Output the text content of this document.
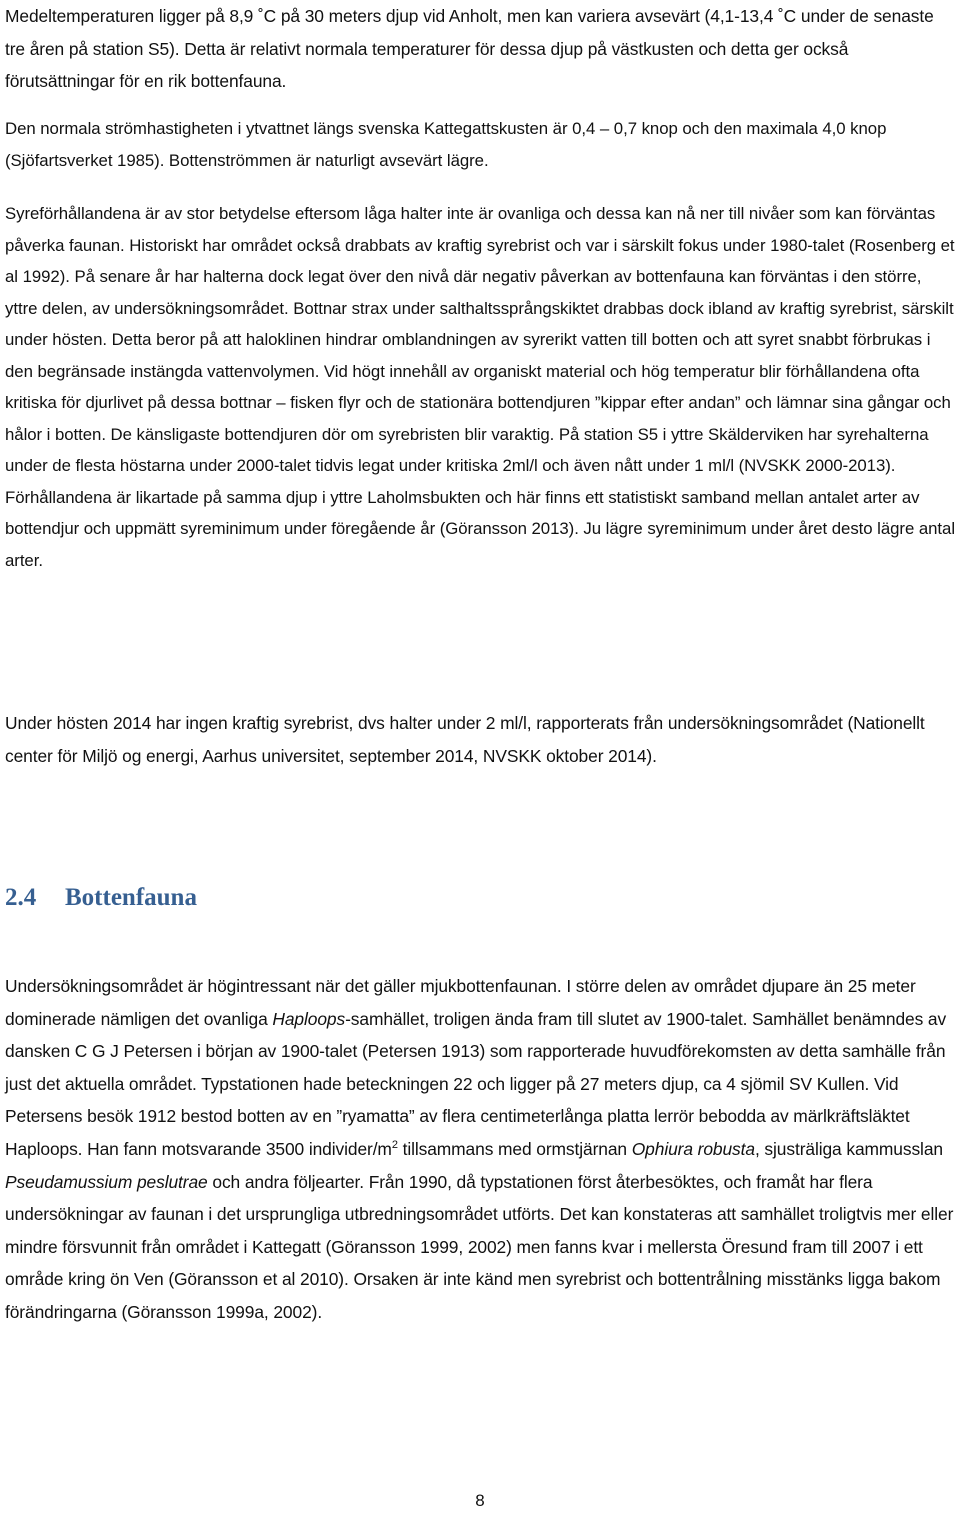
Medeltemperaturen ligger på 8,9 ˚C på 30 meters djup vid Anholt, men kan variera avsevärt (4,1-13,4 ˚C under de senaste tre åren på station S5). Detta är relativt normala temperaturer för dessa djup på västkusten och detta ger också förutsättningar för en rik bottenfauna.

Den normala strömhastigheten i ytvattnet längs svenska Kattegattskusten är 0,4 – 0,7 knop och den maximala 4,0 knop (Sjöfartsverket 1985). Bottenströmmen är naturligt avsevärt lägre.

Syreförhållandena är av stor betydelse eftersom låga halter inte är ovanliga och dessa kan nå ner till nivåer som kan förväntas påverka faunan. Historiskt har området också drabbats av kraftig syrebrist och var i särskilt fokus under 1980-talet (Rosenberg et al 1992). På senare år har halterna dock legat över den nivå där negativ påverkan av bottenfauna kan förväntas i den större, yttre delen, av undersökningsområdet. Bottnar strax under salthaltssprångskiktet drabbas dock ibland av kraftig syrebrist, särskilt under hösten. Detta beror på att haloklinen hindrar omblandningen av syrerikt vatten till botten och att syret snabbt förbrukas i den begränsade instängda vattenvolymen. Vid högt innehåll av organiskt material och hög temperatur blir förhållandena ofta kritiska för djurlivet på dessa bottnar – fisken flyr och de stationära bottendjuren ”kippar efter andan” och lämnar sina gångar och hålor i botten. De känsligaste bottendjuren dör om syrebristen blir varaktig. På station S5 i yttre Skälderviken har syrehalterna under de flesta höstarna under 2000-talet tidvis legat under kritiska 2ml/l och även nått under 1 ml/l (NVSKK 2000-2013). Förhållandena är likartade på samma djup i yttre Laholmsbukten och här finns ett statistiskt samband mellan antalet arter av bottendjur och uppmätt syreminimum under föregående år (Göransson 2013). Ju lägre syreminimum under året desto lägre antal arter.

Under hösten 2014 har ingen kraftig syrebrist, dvs halter under 2 ml/l, rapporterats från undersökningsområdet (Nationellt center för Miljö og energi, Aarhus universitet, september 2014, NVSKK oktober 2014).

2.4 Bottenfauna

Undersökningsområdet är högintressant när det gäller mjukbottenfaunan. I större delen av området djupare än 25 meter dominerade nämligen det ovanliga Haploops-samhället, troligen ända fram till slutet av 1900-talet. Samhället benämndes av dansken C G J Petersen i början av 1900-talet (Petersen 1913) som rapporterade huvudförekomsten av detta samhälle från just det aktuella området. Typstationen hade beteckningen 22 och ligger på 27 meters djup, ca 4 sjömil SV Kullen. Vid Petersens besök 1912 bestod botten av en ”ryamatta” av flera centimeterlånga platta lerrör bebodda av märlkräftsläktet Haploops. Han fann motsvarande 3500 individer/$m^2$ tillsammans med ormstjärnan Ophiura robusta, sjusträliga kammusslan Pseudamussium peslutrae och andra följearter. Från 1990, då typstationen först återbesöktes, och framåt har flera undersökningar av faunan i det ursprungliga utbredningsområdet utförts. Det kan konstateras att samhället troligtvis mer eller mindre försvunnit från området i Kattegatt (Göransson 1999, 2002) men fanns kvar i mellersta Öresund fram till 2007 i ett område kring ön Ven (Göransson et al 2010). Orsaken är inte känd men syrebrist och bottentrålning misstänks ligga bakom förändringarna (Göransson 1999a, 2002).

8
